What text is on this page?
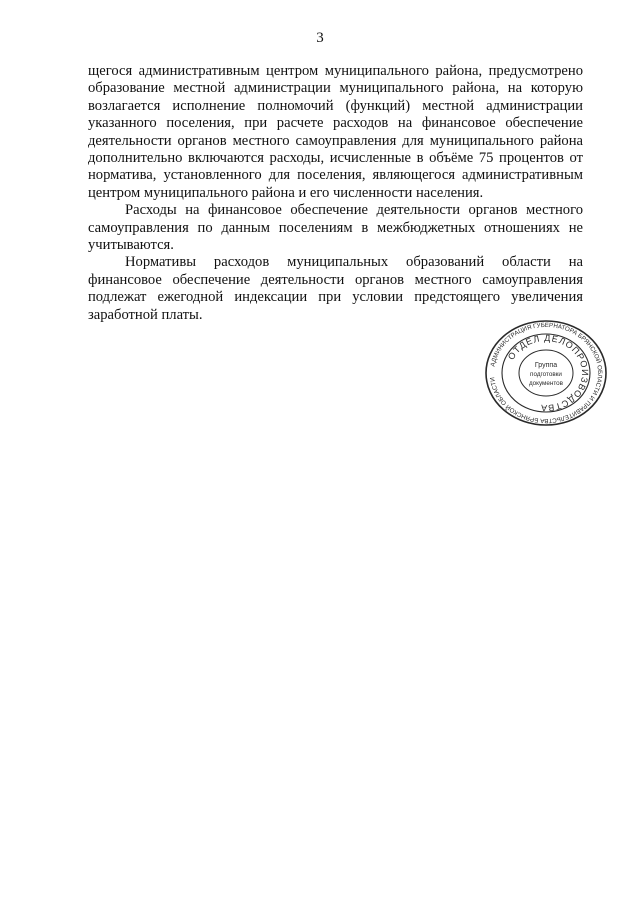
3

щегося административным центром муниципального района, предусмотрено образование местной администрации муниципального района, на которую возлагается исполнение полномочий (функций) местной администрации указанного поселения, при расчете расходов на финансовое обеспечение деятельности органов местного самоуправления для муниципального района дополнительно включаются расходы, исчисленные в объёме 75 процентов от норматива, установленного для поселения, являющегося административным центром муниципального района и его численности населения.

Расходы на финансовое обеспечение деятельности органов местного самоуправления по данным поселениям в межбюджетных отношениях не учитываются.

Нормативы расходов муниципальных образований области на финансовое обеспечение деятельности органов местного самоуправления подлежат ежегодной индексации при условии предстоящего увеличения заработной платы.

АДМИНИСТРАЦИЯ ГУБЕРНАТОРА БРЯНСКОЙ ОБЛАСТИ И ПРАВИТЕЛЬСТВА БРЯНСКОЙ ОБЛАСТИ
ОТДЕЛ ДЕЛОПРОИЗВОДСТВА
Группа
подготовки
документов
